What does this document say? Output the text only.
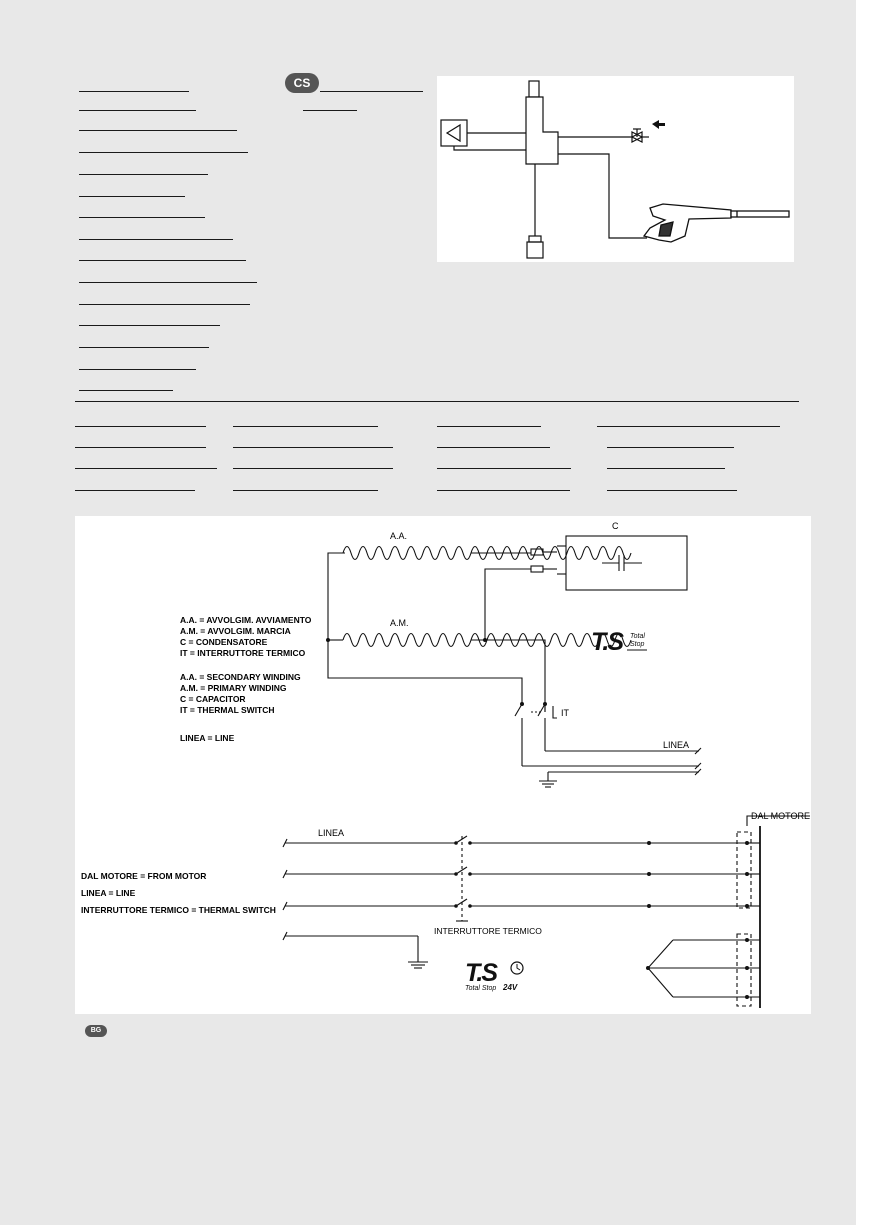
CS
A.A.
A.M.
C
IT
LINEA
A.A. = AVVOLGIM. AVVIAMENTO
A.M. = AVVOLGIM. MARCIA
C = CONDENSATORE
IT = INTERRUTTORE TERMICO
A.A. = SECONDARY WINDING
A.M. = PRIMARY WINDING
C = CAPACITOR
IT = THERMAL SWITCH
LINEA = LINE
T.S	Total
Stop
LINEA
DAL MOTORE
INTERRUTTORE TERMICO
DAL MOTORE = FROM MOTOR
LINEA = LINE
INTERRUTTORE TERMICO = THERMAL SWITCH
T.S
Total Stop 24V
BG
